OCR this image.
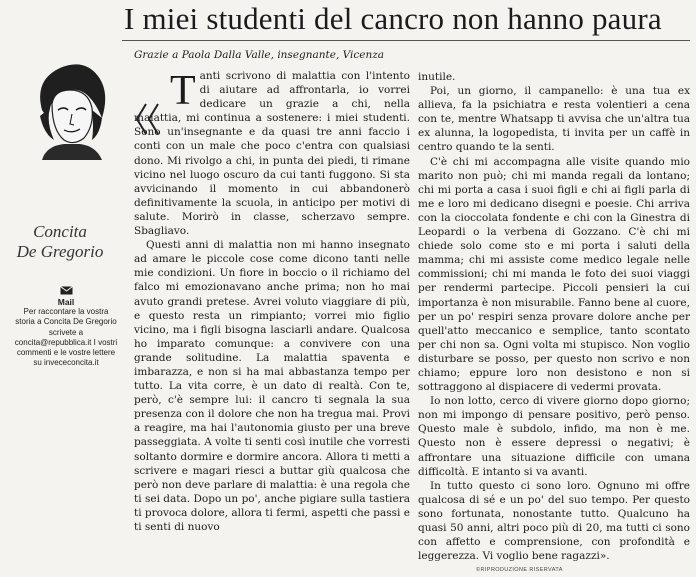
I miei studenti del cancro non hanno paura
Concita
De Gregorio
Mail
Per raccontare la vostra storia a Concita De Gregorio scrivete a concita@repubblica.it I vostri commenti e le vostre lettere su invececoncita.it

Grazie a Paola Dalla Valle, insegnante, Vicenza

Tanti scrivono di malattia con l'intento di aiutare ad affrontarla, io vorrei dedicare un grazie a chi, nella malattia, mi continua a sostenere: i miei studenti. Sono un'insegnante e da quasi tre anni faccio i conti con un male che poco c'entra con qualsiasi dono. Mi rivolgo a chi, in punta dei piedi, ti rimane vicino nel luogo oscuro da cui tanti fuggono. Si sta avvicinando il momento in cui abbandonerò definitivamente la scuola, in anticipo per motivi di salute. Morirò in classe, scherzavo sempre. Sbagliavo.

Questi anni di malattia non mi hanno insegnato ad amare le piccole cose come dicono tanti nelle mie condizioni. Un fiore in boccio o il richiamo del falco mi emozionavano anche prima; non ho mai avuto grandi pretese. Avrei voluto viaggiare di più, e questo resta un rimpianto; vorrei mio figlio vicino, ma i figli bisogna lasciarli andare. Qualcosa ho imparato comunque: a convivere con una grande solitudine. La malattia spaventa e imbarazza, e non si ha mai abbastanza tempo per tutto. La vita corre, è un dato di realtà. Con te, però, c'è sempre lui: il cancro ti segnala la sua presenza con il dolore che non ha tregua mai. Provi a reagire, ma hai l'autonomia giusto per una breve passeggiata. A volte ti senti così inutile che vorresti soltanto dormire e dormire ancora. Allora ti metti a scrivere e magari riesci a buttar giù qualcosa che però non deve parlare di malattia: è una regola che ti sei data. Dopo un po', anche pigiare sulla tastiera ti provoca dolore, allora ti fermi, aspetti che passi e ti senti di nuovo

inutile.

Poi, un giorno, il campanello: è una tua ex allieva, fa la psichiatra e resta volentieri a cena con te, mentre Whatsapp ti avvisa che un'altra tua ex alunna, la logopedista, ti invita per un caffè in centro quando te la senti.

C'è chi mi accompagna alle visite quando mio marito non può; chi mi manda regali da lontano; chi mi porta a casa i suoi figli e chi ai figli parla di me e loro mi dedicano disegni e poesie. Chi arriva con la cioccolata fondente e chi con la Ginestra di Leopardi o la verbena di Gozzano. C'è chi mi chiede solo come sto e mi porta i saluti della mamma; chi mi assiste come medico legale nelle commissioni; chi mi manda le foto dei suoi viaggi per rendermi partecipe. Piccoli pensieri la cui importanza è non misurabile. Fanno bene al cuore, per un po' respiri senza provare dolore anche per quell'atto meccanico e semplice, tanto scontato per chi non sa. Ogni volta mi stupisco. Non voglio disturbare se posso, per questo non scrivo e non chiamo; eppure loro non desistono e non si sottraggono al dispiacere di vedermi provata.

Io non lotto, cerco di vivere giorno dopo giorno; non mi impongo di pensare positivo, però penso. Questo male è subdolo, infido, ma non è me. Questo non è essere depressi o negativi; è affrontare una situazione difficile con umana difficoltà. E intanto si va avanti.

In tutto questo ci sono loro. Ognuno mi offre qualcosa di sé e un po' del suo tempo. Per questo sono fortunata, nonostante tutto. Qualcuno ha quasi 50 anni, altri poco più di 20, ma tutti ci sono con affetto e comprensione, con profondità e leggerezza. Vi voglio bene ragazzi».

©RIPRODUZIONE RISERVATA
